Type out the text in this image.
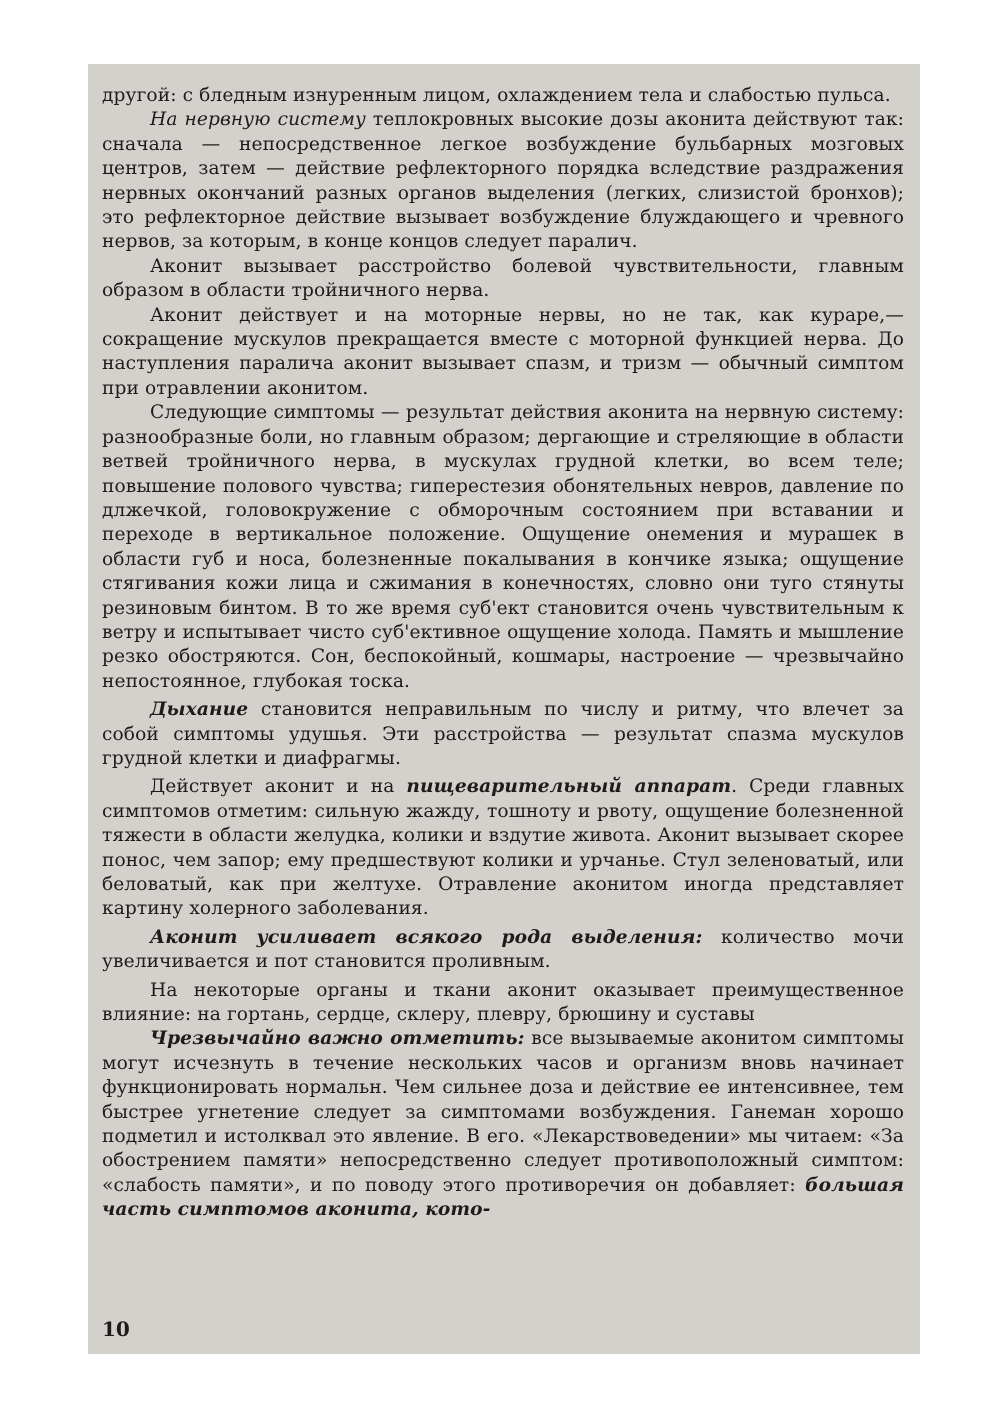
другой: с бледным изнуренным лицом, охлаждением тела и слабостью пульса.

На нервную систему теплокровных высокие дозы аконита действуют так: сначала — непосредственное легкое возбуждение бульбарных мозговых центров, затем — действие рефлекторного порядка вследствие раздражения нервных окончаний разных органов выделения (легких, слизистой бронхов); это рефлекторное действие вызывает возбуждение блуждающего и чревного нервов, за которым, в конце концов следует паралич.

Аконит вызывает расстройство болевой чувствительности, главным образом в области тройничного нерва.

Аконит действует и на моторные нервы, но не так, как кураре,— сокращение мускулов прекращается вместе с моторной функцией нерва. До наступления паралича аконит вызывает спазм, и тризм — обычный симптом при отравлении аконитом.

Следующие симптомы — результат действия аконита на нервную систему: разнообразные боли, но главным образом; дергающие и стреляющие в области ветвей тройничного нерва, в мускулах грудной клетки, во всем теле; повышение полового чувства; гиперестезия обонятельных невров, давление по длжечкой, головокружение с обморочным состоянием при вставании и переходе в вертикальное положение. Ощущение онемения и мурашек в области губ и носа, болезненные покалывания в кончике языка; ощущение стягивания кожи лица и сжимания в конечностях, словно они туго стянуты резиновым бинтом. В то же время суб'ект становится очень чувствительным к ветру и испытывает чисто суб'ективное ощущение холода. Память и мышление резко обостряются. Сон, беспокойный, кошмары, настроение — чрезвычайно непостоянное, глубокая тоска.

Дыхание становится неправильным по числу и ритму, что влечет за собой симптомы удушья. Эти расстройства — результат спазма мускулов грудной клетки и диафрагмы.

Действует аконит и на пищеварительный аппарат. Среди главных симптомов отметим: сильную жажду, тошноту и рвоту, ощущение болезненной тяжести в области желудка, колики и вздутие живота. Аконит вызывает скорее понос, чем запор; ему предшествуют колики и урчанье. Стул зеленоватый, или беловатый, как при желтухе. Отравление аконитом иногда представляет картину холерного заболевания.

Аконит усиливает всякого рода выделения: количество мочи увеличивается и пот становится проливным.

На некоторые органы и ткани аконит оказывает преимущественное влияние: на гортань, сердце, склеру, плевру, брюшину и суставы

Чрезвычайно важно отметить: все вызываемые аконитом симптомы могут исчезнуть в течение нескольких часов и организм вновь начинает функционировать нормальн. Чем сильнее доза и действие ее интенсивнее, тем быстрее угнетение следует за симптомами возбуждения. Ганеман хорошо подметил и истолквал это явление. В его. «Лекарствоведении» мы читаем: «За обострением памяти» непосредственно следует противоположный симптом: «слабость памяти», и по поводу этого противоречия он добавляет: большая часть симптомов аконита, кото-

10
